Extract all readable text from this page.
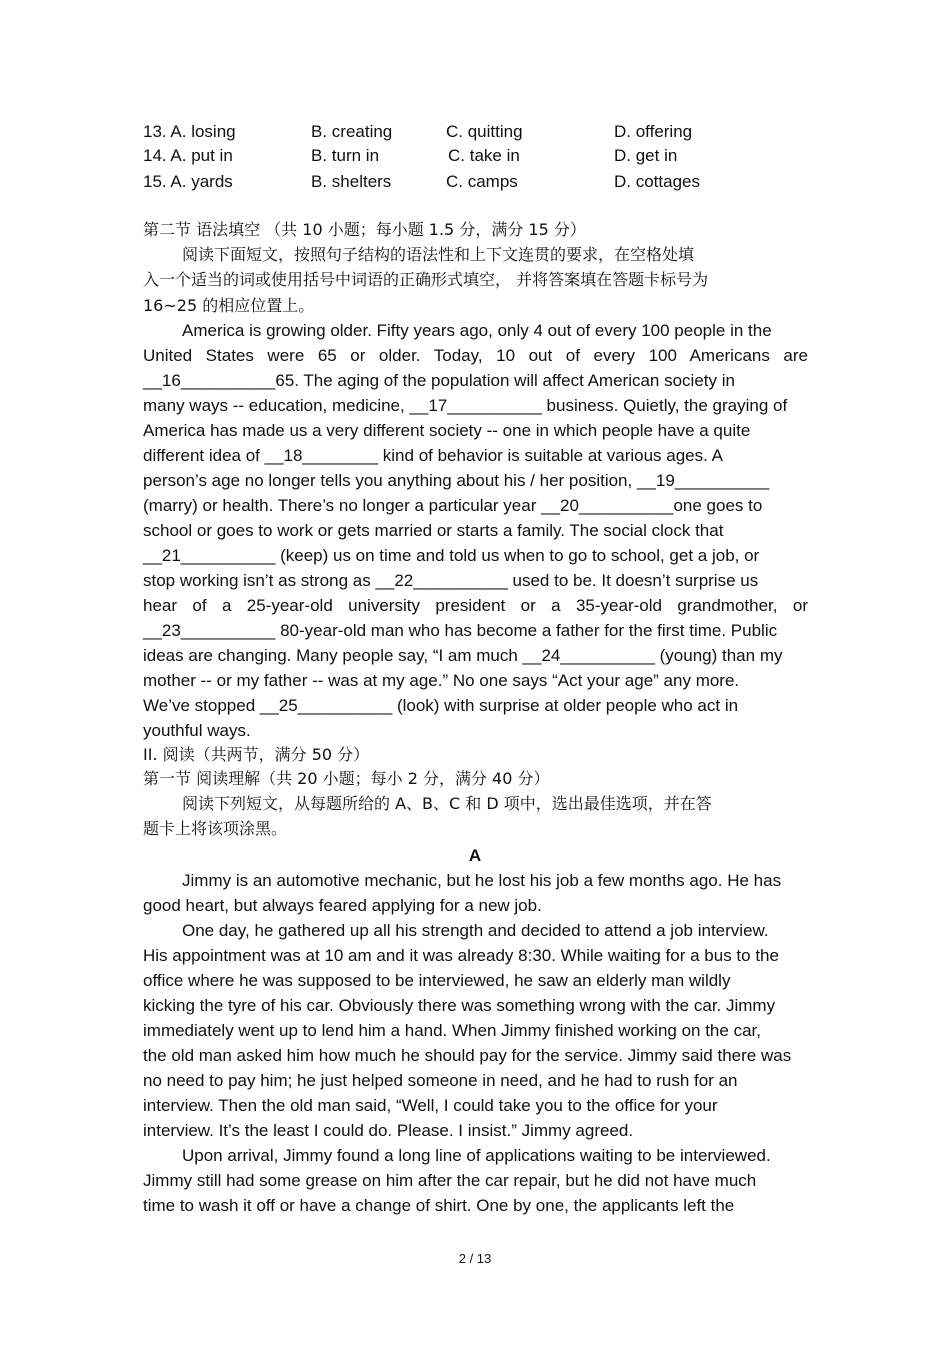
13. A. losing	B. creating	C. quitting	D. offering
14. A. put in	B. turn in	C. take in	D. get in
15. A. yards	B. shelters	C. camps	D. cottages
第二节 语法填空 （共 10 小题；每小题 1.5 分，满分 15 分）
阅读下面短文，按照句子结构的语法性和上下文连贯的要求，在空格处填
入一个适当的词或使用括号中词语的正确形式填空， 并将答案填在答题卡标号为
16~25 的相应位置上。
America is growing older. Fifty years ago, only 4 out of every 100 people in the
United States were 65 or older. Today, 10 out of every 100 Americans are
__16__________65. The aging of the population will affect American society in
many ways -- education, medicine, __17__________ business. Quietly, the graying of
America has made us a very different society -- one in which people have a quite
different idea of __18________ kind of behavior is suitable at various ages. A
person’s age no longer tells you anything about his / her position, __19__________
(marry) or health. There’s no longer a particular year __20__________one goes to
school or goes to work or gets married or starts a family. The social clock that
__21__________ (keep) us on time and told us when to go to school, get a job, or
stop working isn’t as strong as __22__________ used to be. It doesn’t surprise us
hear of a 25-year-old university president or a 35-year-old grandmother, or
__23__________ 80-year-old man who has become a father for the first time. Public
ideas are changing. Many people say, “I am much __24__________ (young) than my
mother -- or my father -- was at my age.” No one says “Act your age” any more.
We’ve stopped __25__________ (look) with surprise at older people who act in
youthful ways.
II. 阅读（共两节，满分 50 分）
第一节 阅读理解（共 20 小题；每小 2 分，满分 40 分）
阅读下列短文，从每题所给的 A、B、C 和 D 项中，选出最佳选项，并在答
题卡上将该项涂黑。
A
Jimmy is an automotive mechanic, but he lost his job a few months ago. He has
good heart, but always feared applying for a new job.
One day, he gathered up all his strength and decided to attend a job interview.
His appointment was at 10 am and it was already 8:30. While waiting for a bus to the
office where he was supposed to be interviewed, he saw an elderly man wildly
kicking the tyre of his car. Obviously there was something wrong with the car. Jimmy
immediately went up to lend him a hand. When Jimmy finished working on the car,
the old man asked him how much he should pay for the service. Jimmy said there was
no need to pay him; he just helped someone in need, and he had to rush for an
interview. Then the old man said, “Well, I could take you to the office for your
interview. It’s the least I could do. Please. I insist.” Jimmy agreed.
Upon arrival, Jimmy found a long line of applications waiting to be interviewed.
Jimmy still had some grease on him after the car repair, but he did not have much
time to wash it off or have a change of shirt. One by one, the applicants left the
2 / 13
